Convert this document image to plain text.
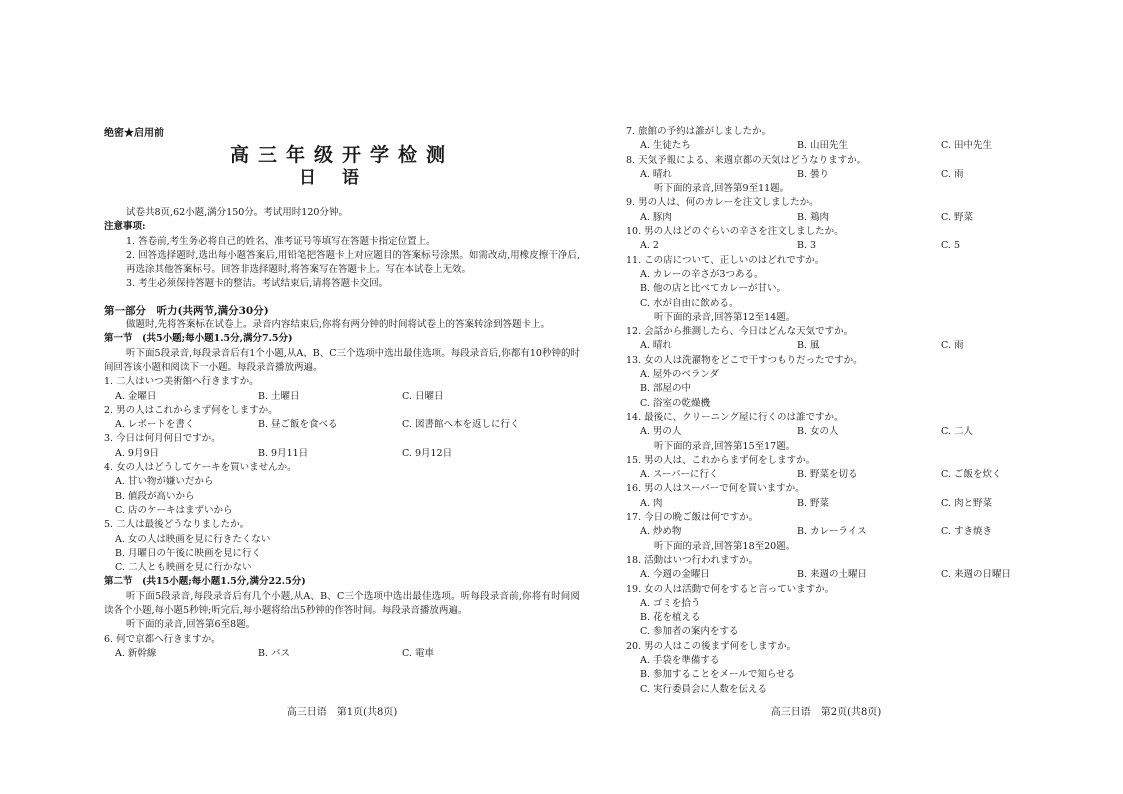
绝密★启用前
高三年级开学检测
日语
试卷共8页,62小题,满分150分。考试用时120分钟。
注意事项:
1. 答卷前,考生务必将自己的姓名、准考证号等填写在答题卡指定位置上。
2. 回答选择题时,选出每小题答案后,用铅笔把答题卡上对应题目的答案标号涂黑。如需改动,用橡皮擦干净后,再选涂其他答案标号。回答非选择题时,将答案写在答题卡上。写在本试卷上无效。
3. 考生必须保持答题卡的整洁。考试结束后,请将答题卡交回。
第一部分　听力(共两节,满分30分)
做题时,先将答案标在试卷上。录音内容结束后,你将有两分钟的时间将试卷上的答案转涂到答题卡上。
第一节　(共5小题;每小题1.5分,满分7.5分)
听下面5段录音,每段录音后有1个小题,从A、B、C三个选项中选出最佳选项。每段录音后,你都有10秒钟的时间回答该小题和阅读下一小题。每段录音播放两遍。
1. 二人はいつ美術館へ行きますか。
A. 金曜日	B. 土曜日	C. 日曜日
2. 男の人はこれからまず何をしますか。
A. レポートを書く	B. 昼ご飯を食べる	C. 図書館へ本を返しに行く
3. 今日は何月何日ですか。
A. 9月9日	B. 9月11日	C. 9月12日
4. 女の人はどうしてケーキを買いませんか。
A. 甘い物が嫌いだから
B. 値段が高いから
C. 店のケーキはまずいから
5. 二人は最後どうなりましたか。
A. 女の人は映画を見に行きたくない
B. 月曜日の午後に映画を見に行く
C. 二人とも映画を見に行かない
第二节　(共15小题;每小题1.5分,满分22.5分)
听下面5段录音,每段录音后有几个小题,从A、B、C三个选项中选出最佳选项。听每段录音前,你将有时间阅读各个小题,每小题5秒钟;听完后,每小题将给出5秒钟的作答时间。每段录音播放两遍。
听下面的录音,回答第6至8题。
6. 何で京都へ行きますか。
A. 新幹線	B. バス	C. 電車
高三日语　第1页(共8页)
7. 旅館の予約は誰がしましたか。
A. 生徒たち	B. 山田先生	C. 田中先生
8. 天気予報による、来週京都の天気はどうなりますか。
A. 晴れ	B. 曇り	C. 雨
听下面的录音,回答第9至11题。
9. 男の人は、何のカレーを注文しましたか。
A. 豚肉	B. 鶏肉	C. 野菜
10. 男の人はどのぐらいの辛さを注文しましたか。
A. 2	B. 3	C. 5
11. この店について、正しいのはどれですか。
A. カレーの辛さが3つある。
B. 他の店と比べてカレーが甘い。
C. 水が自由に飲める。
听下面的录音,回答第12至14题。
12. 会話から推測したら、今日はどんな天気ですか。
A. 晴れ	B. 風	C. 雨
13. 女の人は洗濯物をどこで干すつもりだったですか。
A. 屋外のベランダ
B. 部屋の中
C. 浴室の乾燥機
14. 最後に、クリーニング屋に行くのは誰ですか。
A. 男の人	B. 女の人	C. 二人
听下面的录音,回答第15至17题。
15. 男の人は、これからまず何をしますか。
A. スーパーに行く	B. 野菜を切る	C. ご飯を炊く
16. 男の人はスーパーで何を買いますか。
A. 肉	B. 野菜	C. 肉と野菜
17. 今日の晩ご飯は何ですか。
A. 炒め物	B. カレーライス	C. すき焼き
听下面的录音,回答第18至20题。
18. 活動はいつ行われますか。
A. 今週の金曜日	B. 来週の土曜日	C. 来週の日曜日
19. 女の人は活動で何をすると言っていますか。
A. ゴミを拾う
B. 花を植える
C. 参加者の案内をする
20. 男の人はこの後まず何をしますか。
A. 手袋を準備する
B. 参加することをメールで知らせる
C. 実行委員会に人数を伝える
高三日语　第2页(共8页)
